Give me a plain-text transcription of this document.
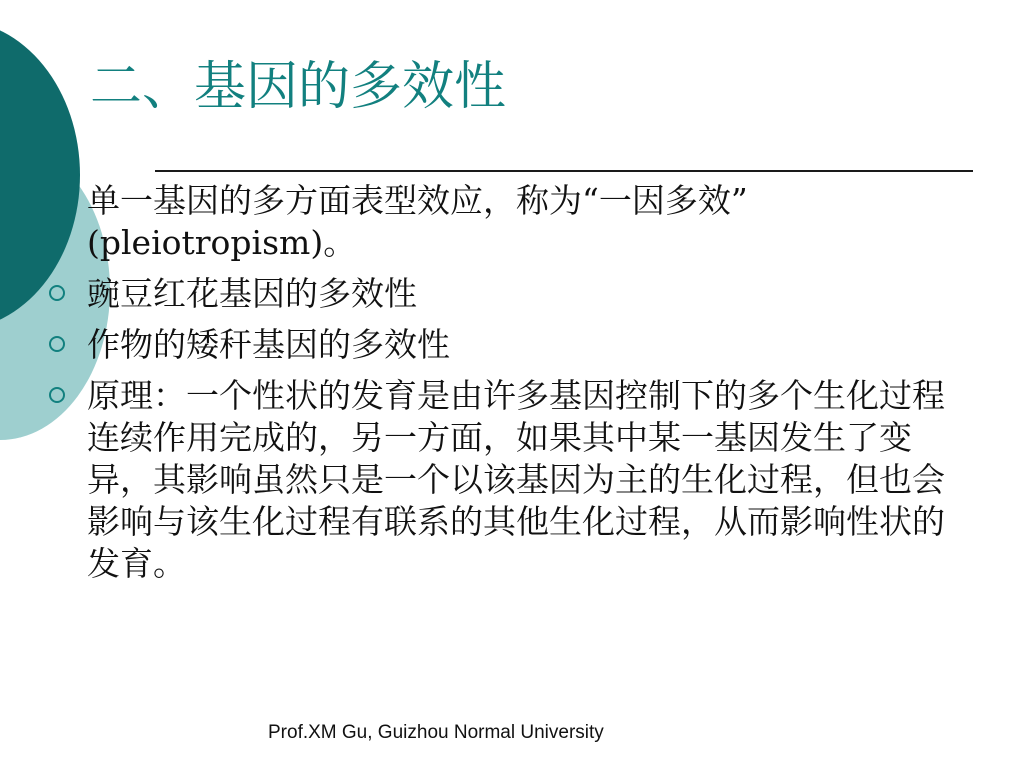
二、基因的多效性
单一基因的多方面表型效应，称为“一因多效”
(pleiotropism)。
豌豆红花基因的多效性
作物的矮秆基因的多效性
原理：一个性状的发育是由许多基因控制下的多个生化过程连续作用完成的，另一方面，如果其中某一基因发生了变异，其影响虽然只是一个以该基因为主的生化过程，但也会影响与该生化过程有联系的其他生化过程，从而影响性状的发育。
Prof.XM Gu, Guizhou Normal University
